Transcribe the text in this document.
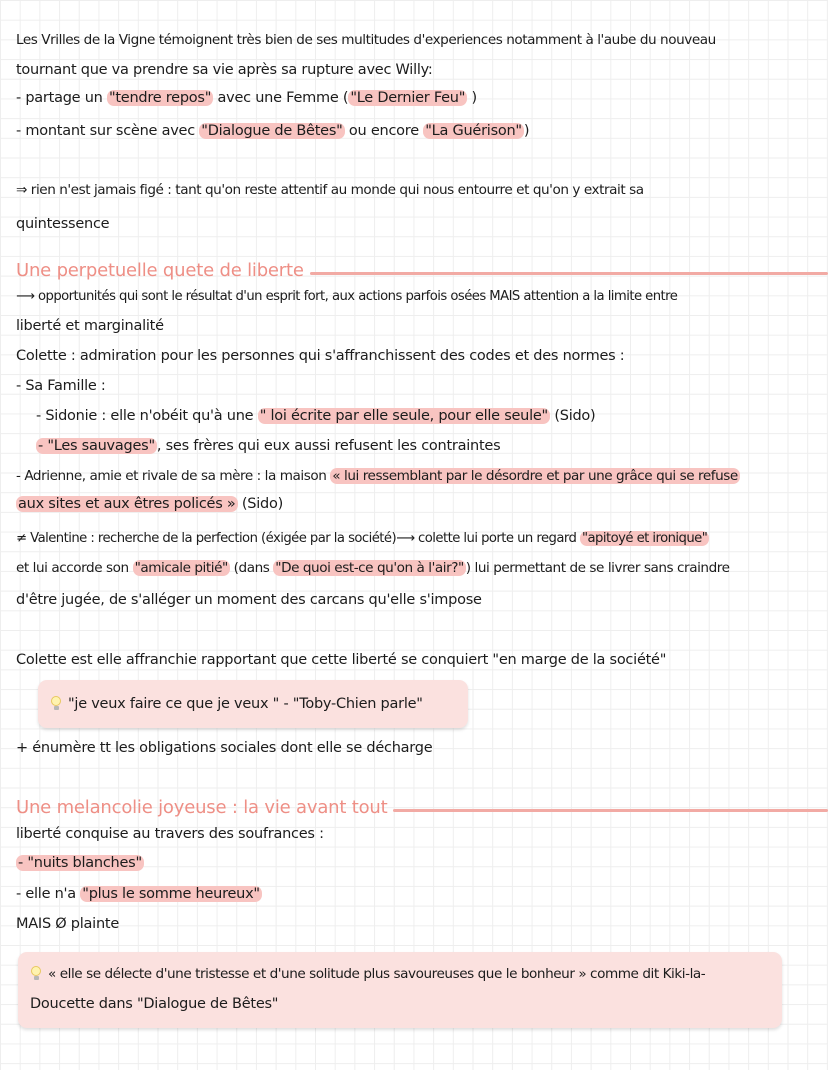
Les Vrilles de la Vigne témoignent très bien de ses multitudes d'experiences notamment à l'aube du nouveau
tournant que va prendre sa vie après sa rupture avec Willy:
- partage un "tendre repos" avec une Femme ( "Le Dernier Feu" )
- montant sur scène avec "Dialogue de Bêtes" ou encore "La Guérison" )
⇒ rien n'est jamais figé : tant qu'on reste attentif au monde qui nous entourre et qu'on y extrait sa
quintessence
Une perpetuelle quete de liberte
⟶ opportunités qui sont le résultat d'un esprit fort, aux actions parfois osées MAIS attention a la limite entre
liberté et marginalité
Colette : admiration pour les personnes qui s'affranchissent des codes et des normes :
- Sa Famille :
- Sidonie : elle n'obéit qu'à une " loi écrite par elle seule, pour elle seule" (Sido)
- "Les sauvages" , ses frères qui eux aussi refusent les contraintes
- Adrienne, amie et rivale de sa mère : la maison « lui ressemblant par le désordre et par une grâce qui se refuse
aux sites et aux êtres policés » (Sido)
≠ Valentine : recherche de la perfection (éxigée par la société)⟶ colette lui porte un regard "apitoyé et ironique"
et lui accorde son "amicale pitié" (dans "De quoi est-ce qu'on à l'air?" ) lui permettant de se livrer sans craindre
d'être jugée, de s'alléger un moment des carcans qu'elle s'impose
Colette est elle affranchie rapportant que cette liberté se conquiert "en marge de la société"
"je veux faire ce que je veux " - "Toby-Chien parle"
+ énumère tt les obligations sociales dont elle se décharge
Une melancolie joyeuse : la vie avant tout
liberté conquise au travers des soufrances :
- "nuits blanches"
- elle n'a "plus le somme heureux"
MAIS Ø plainte
« elle se délecte d'une tristesse et d'une solitude plus savoureuses que le bonheur » comme dit Kiki-la-
Doucette dans "Dialogue de Bêtes"
